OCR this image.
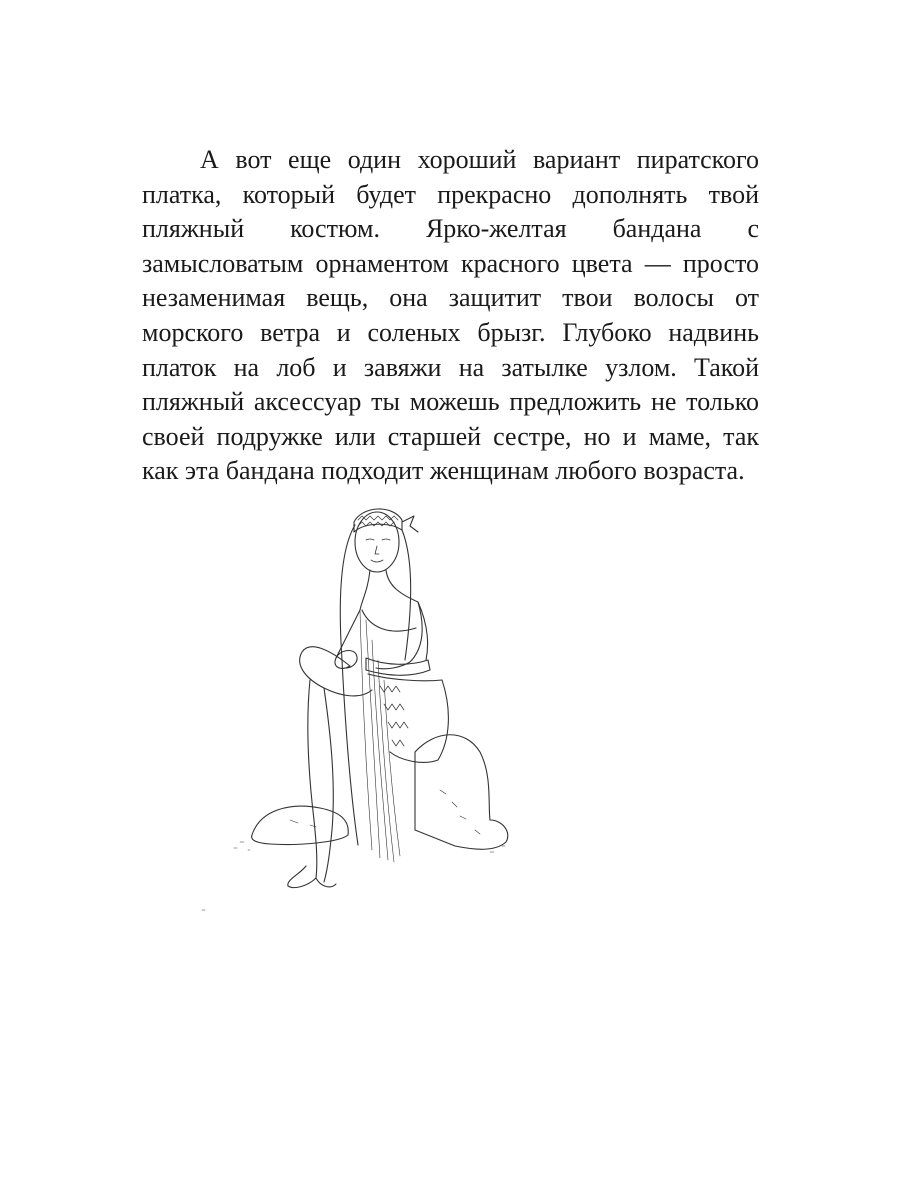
А вот еще один хороший вариант пиратского
платка, который будет прекрасно дополнять твой
пляжный костюм. Ярко-желтая бандана с
замысловатым орнаментом красного цвета — просто
незаменимая вещь, она защитит твои волосы от
морского ветра и соленых брызг. Глубоко надвинь
платок на лоб и завяжи на затылке узлом. Такой
пляжный аксессуар ты можешь предложить не только
своей подружке или старшей сестре, но и маме, так
как эта бандана подходит женщинам любого возраста.
